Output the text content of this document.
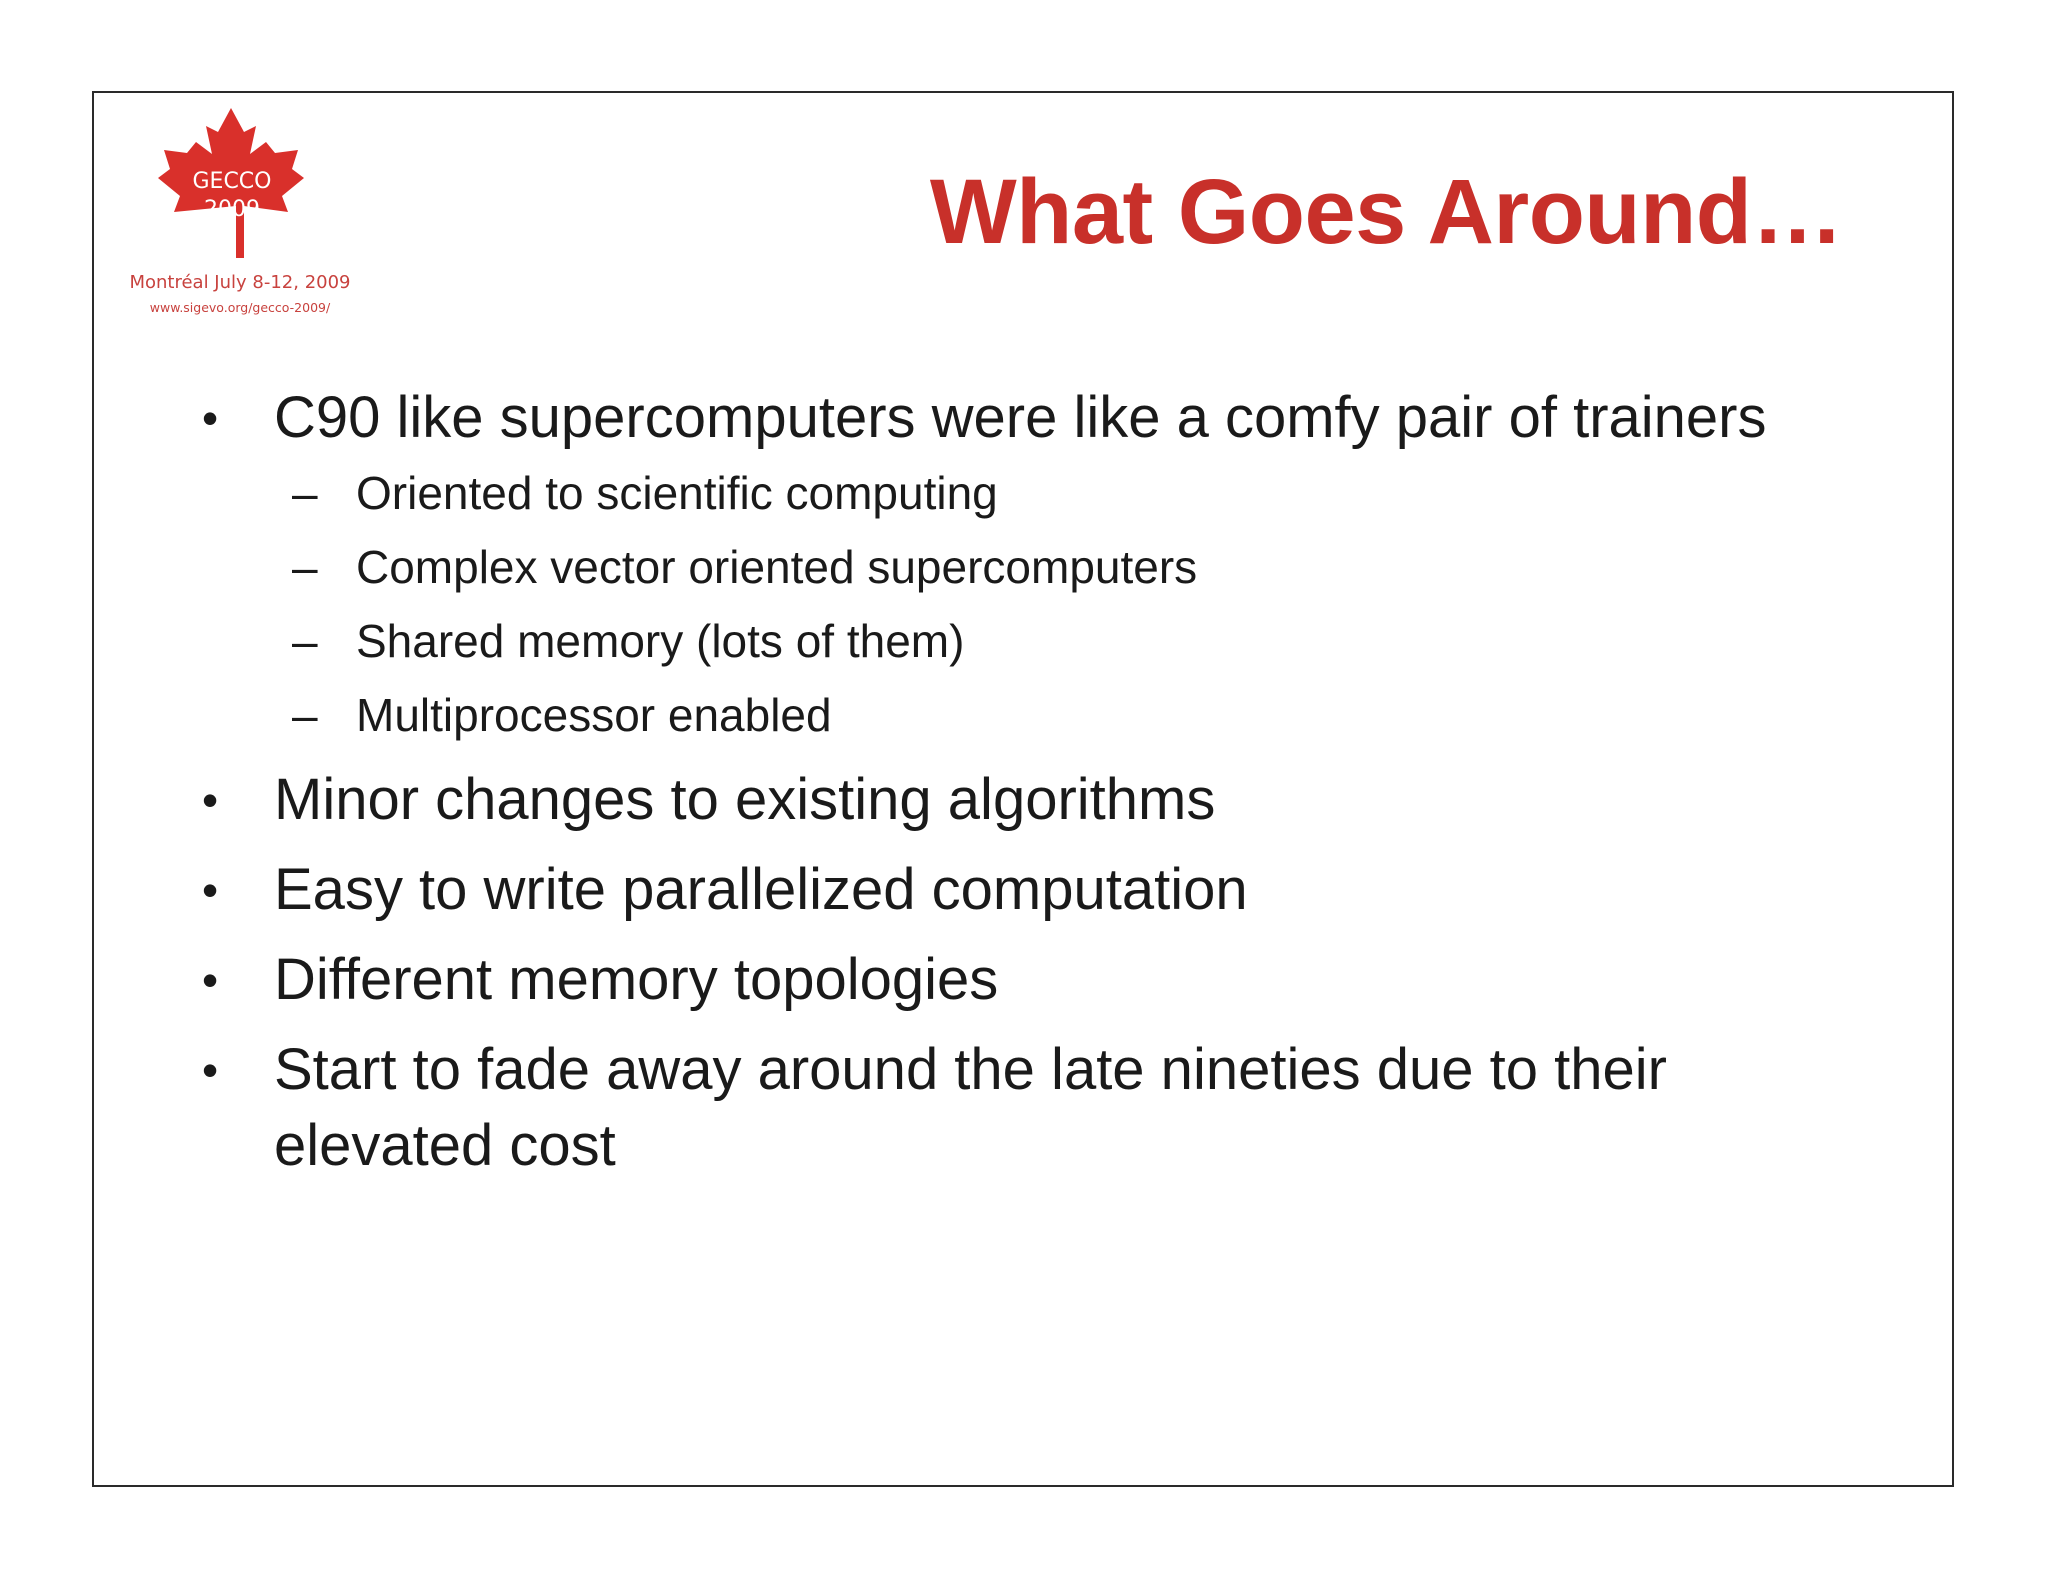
GECCO
2009
Montréal July 8-12, 2009
www.sigevo.org/gecco-2009/
What Goes Around…
• C90 like supercomputers were like a comfy pair of trainers
– Oriented to scientific computing
– Complex vector oriented supercomputers
– Shared memory (lots of them)
– Multiprocessor enabled
• Minor changes to existing algorithms
• Easy to write parallelized computation
• Different memory topologies
• Start to fade away around the late nineties due to their elevated cost
